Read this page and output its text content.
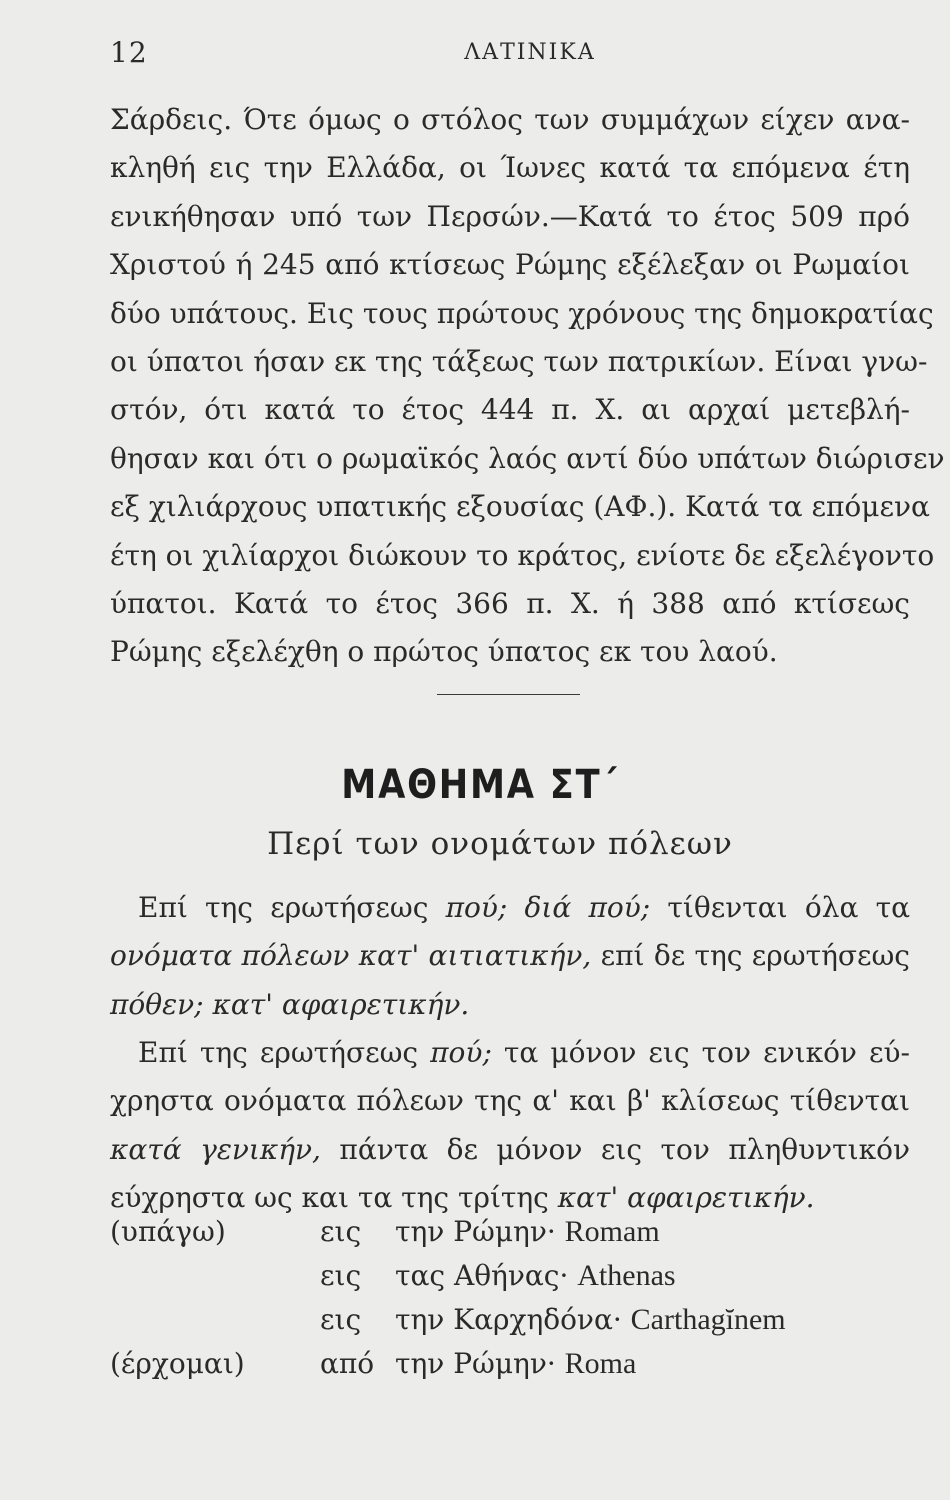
12	ΛΑΤΙΝΙΚΑ
Σάρδεις. Ότε όμως ο στόλος των συμμάχων είχεν ανα-
κληθή εις την Ελλάδα, οι Ίωνες κατά τα επόμενα έτη
ενικήθησαν υπό των Περσών.—Κατά το έτος 509 πρό
Χριστού ή 245 από κτίσεως Ρώμης εξέλεξαν οι Ρωμαίοι
δύο υπάτους. Εις τους πρώτους χρόνους της δημοκρατίας
οι ύπατοι ήσαν εκ της τάξεως των πατρικίων. Είναι γνω-
στόν, ότι κατά το έτος 444 π. Χ. αι αρχαί μετεβλή-
θησαν και ότι ο ρωμαϊκός λαός αντί δύο υπάτων διώρισεν
εξ χιλιάρχους υπατικής εξουσίας (ΑΦ.). Κατά τα επόμενα
έτη οι χιλίαρχοι διώκουν το κράτος, ενίοτε δε εξελέγοντο
ύπατοι. Κατά το έτος 366 π. Χ. ή 388 από κτίσεως
Ρώμης εξελέχθη ο πρώτος ύπατος εκ του λαού.
ΜΑΘΗΜΑ ΣΤ΄
Περί των ονομάτων πόλεων
Επί της ερωτήσεως πού; διά πού; τίθενται όλα τα
ονόματα πόλεων κατ' αιτιατικήν, επί δε της ερωτήσεως
πόθεν; κατ' αφαιρετικήν.
Επί της ερωτήσεως πού; τα μόνον εις τον ενικόν εύ-
χρηστα ονόματα πόλεων της α' και β' κλίσεως τίθενται
κατά γενικήν, πάντα δε μόνον εις τον πληθυντικόν
εύχρηστα ως και τα της τρίτης κατ' αφαιρετικήν.
(υπάγω)	εις την Ρώμην· Romam
εις τας Αθήνας· Athenas
εις την Καρχηδόνα· Carthagĭnem
(έρχομαι)	από την Ρώμην· Roma
